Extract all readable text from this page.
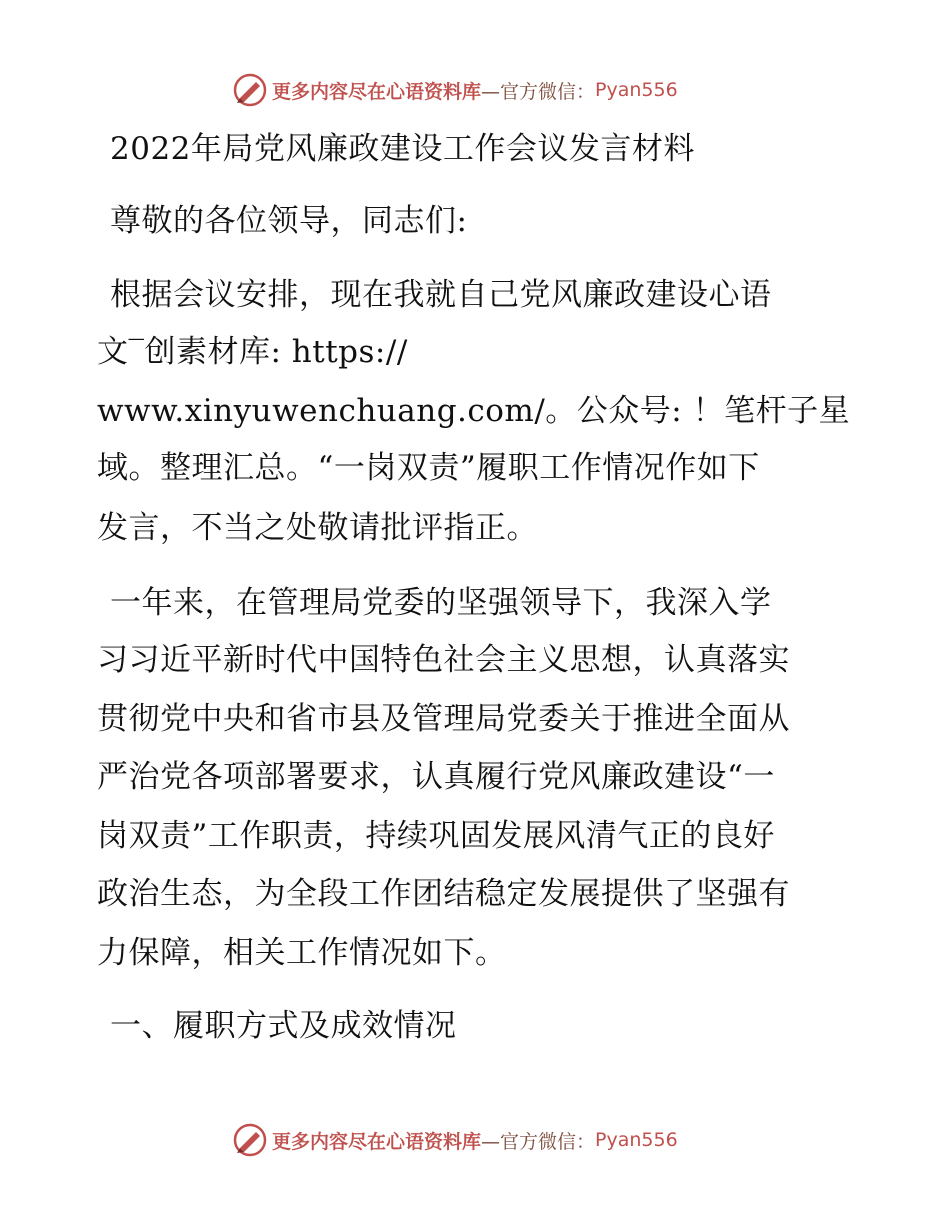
更多内容尽在心语资料库 —官方微信： Pyan556
2022年局党风廉政建设工作会议发言材料
尊敬的各位领导，同志们:
根据会议安排，现在我就自己党风廉政建设心语
文‾创素材库: https://
www.xinyuwenchuang.com/。公众号: ！笔杆子星
域。整理汇总。“一岗双责”履职工作情况作如下
发言，不当之处敬请批评指正。
一年来，在管理局党委的坚强领导下，我深入学
习习近平新时代中国特色社会主义思想，认真落实
贯彻党中央和省市县及管理局党委关于推进全面从
严治党各项部署要求，认真履行党风廉政建设“一
岗双责”工作职责，持续巩固发展风清气正的良好
政治生态，为全段工作团结稳定发展提供了坚强有
力保障，相关工作情况如下。
一、履职方式及成效情况
更多内容尽在心语资料库 —官方微信： Pyan556
